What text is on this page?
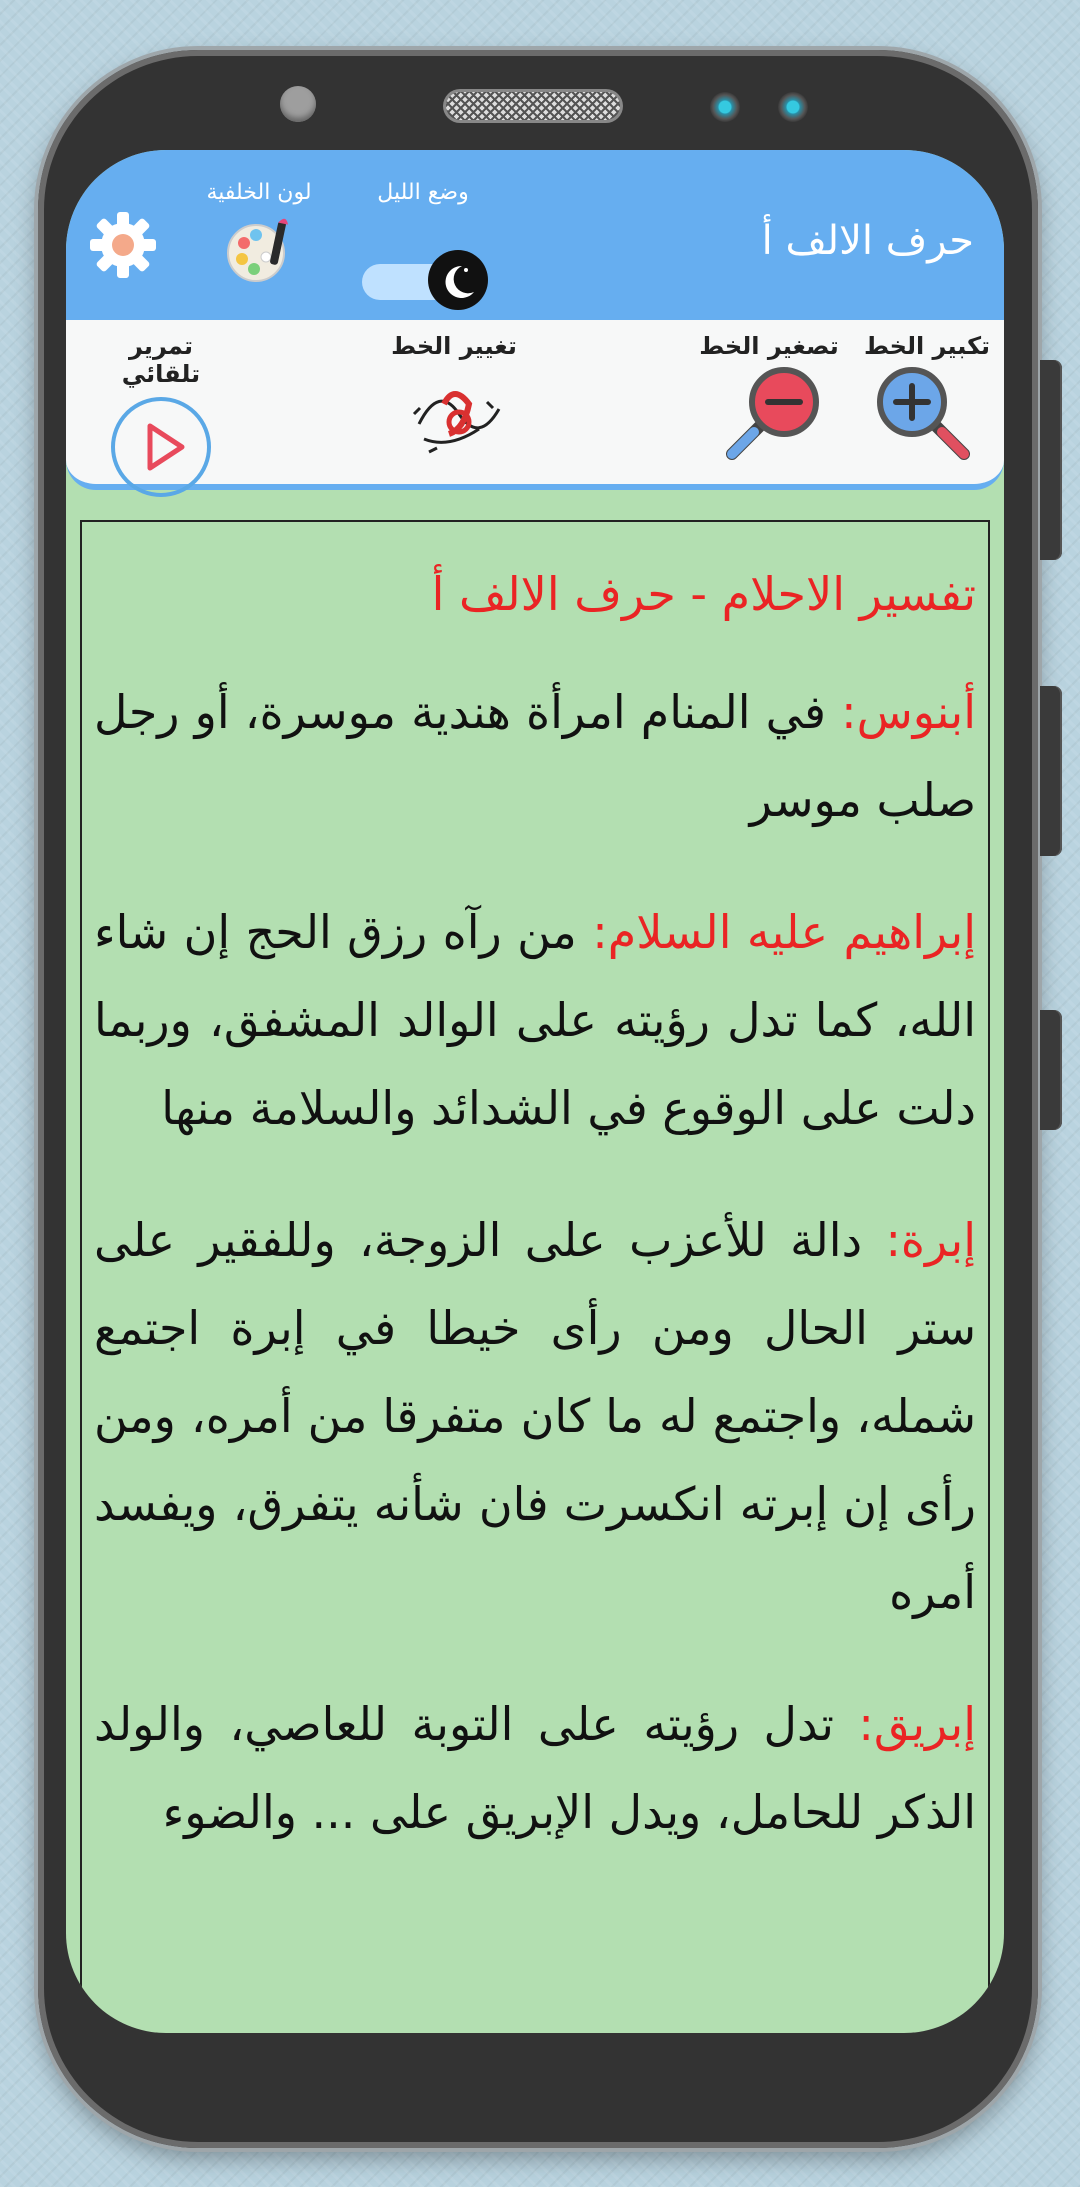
حرف الالف أ
لون الخلفية	وضع الليل
تكبير الخط
تصغير الخط
تغيير الخط
تمرير تلقائي

تفسير الاحلام - حرف الالف أ

أبنوس: في المنام امرأة هندية موسرة، أو رجل صلب موسر

إبراهيم عليه السلام: من رآه رزق الحج إن شاء الله، كما تدل رؤيته على الوالد المشفق، وربما دلت على الوقوع في الشدائد والسلامة منها

إبرة: دالة للأعزب على الزوجة، وللفقير على ستر الحال ومن رأى خيطا في إبرة اجتمع شمله، واجتمع له ما كان متفرقا من أمره، ومن رأى إن إبرته انكسرت فان شأنه يتفرق، ويفسد أمره

إبريق: تدل رؤيته على التوبة للعاصي، والولد الذكر للحامل، ويدل الإبريق على ... والضوء
